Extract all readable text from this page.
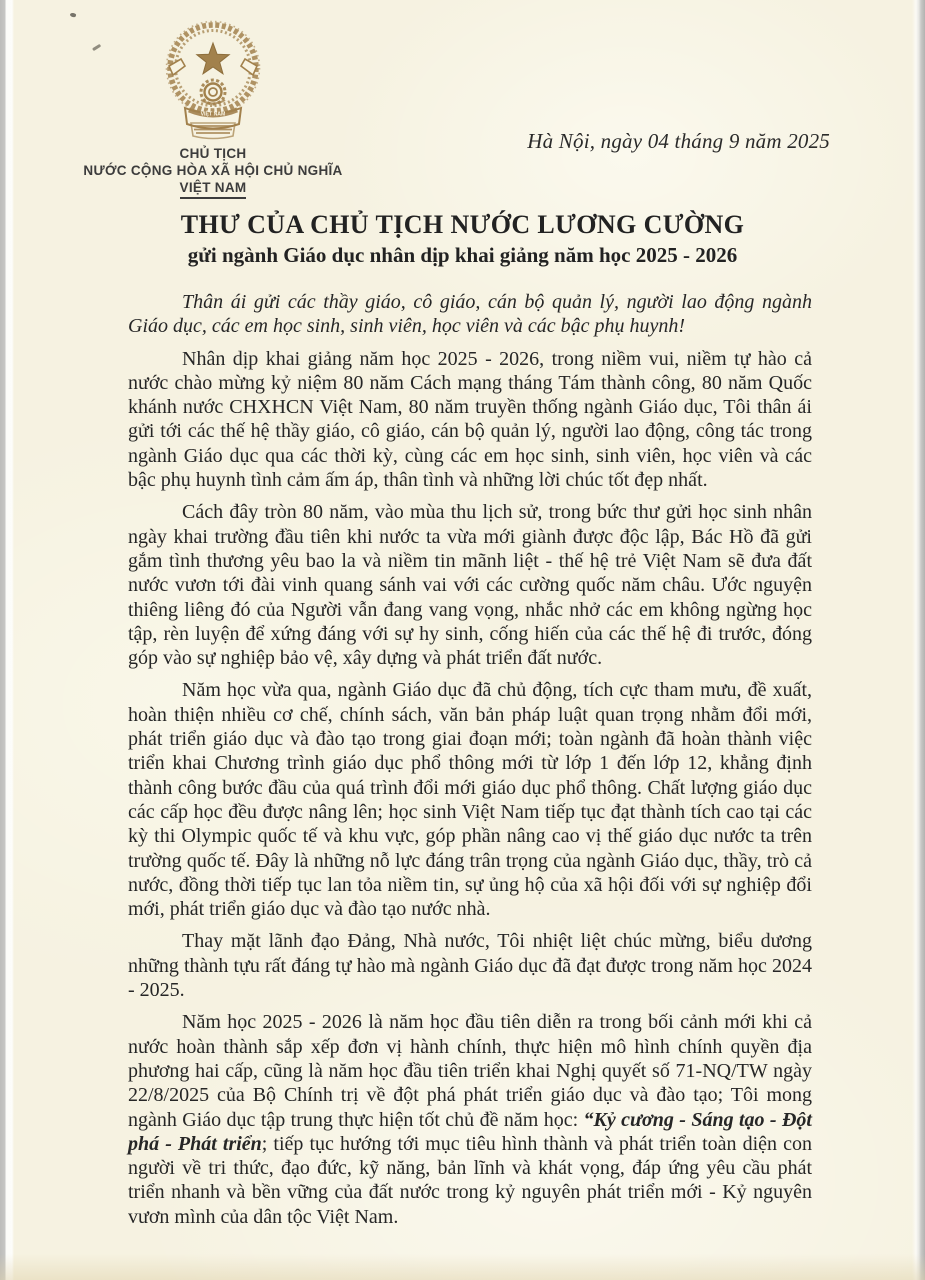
VIỆT NAM
CHỦ TỊCH
NƯỚC CỘNG HÒA XÃ HỘI CHỦ NGHĨA
VIỆT NAM
Hà Nội, ngày 04 tháng 9 năm 2025
THƯ CỦA CHỦ TỊCH NƯỚC LƯƠNG CƯỜNG
gửi ngành Giáo dục nhân dịp khai giảng năm học 2025 - 2026

Thân ái gửi các thầy giáo, cô giáo, cán bộ quản lý, người lao động ngành Giáo dục, các em học sinh, sinh viên, học viên và các bậc phụ huynh!

Nhân dịp khai giảng năm học 2025 - 2026, trong niềm vui, niềm tự hào cả nước chào mừng kỷ niệm 80 năm Cách mạng tháng Tám thành công, 80 năm Quốc khánh nước CHXHCN Việt Nam, 80 năm truyền thống ngành Giáo dục, Tôi thân ái gửi tới các thế hệ thầy giáo, cô giáo, cán bộ quản lý, người lao động, công tác trong ngành Giáo dục qua các thời kỳ, cùng các em học sinh, sinh viên, học viên và các bậc phụ huynh tình cảm ấm áp, thân tình và những lời chúc tốt đẹp nhất.

Cách đây tròn 80 năm, vào mùa thu lịch sử, trong bức thư gửi học sinh nhân ngày khai trường đầu tiên khi nước ta vừa mới giành được độc lập, Bác Hồ đã gửi gắm tình thương yêu bao la và niềm tin mãnh liệt - thế hệ trẻ Việt Nam sẽ đưa đất nước vươn tới đài vinh quang sánh vai với các cường quốc năm châu. Ước nguyện thiêng liêng đó của Người vẫn đang vang vọng, nhắc nhở các em không ngừng học tập, rèn luyện để xứng đáng với sự hy sinh, cống hiến của các thế hệ đi trước, đóng góp vào sự nghiệp bảo vệ, xây dựng và phát triển đất nước.

Năm học vừa qua, ngành Giáo dục đã chủ động, tích cực tham mưu, đề xuất, hoàn thiện nhiều cơ chế, chính sách, văn bản pháp luật quan trọng nhằm đổi mới, phát triển giáo dục và đào tạo trong giai đoạn mới; toàn ngành đã hoàn thành việc triển khai Chương trình giáo dục phổ thông mới từ lớp 1 đến lớp 12, khẳng định thành công bước đầu của quá trình đổi mới giáo dục phổ thông. Chất lượng giáo dục các cấp học đều được nâng lên; học sinh Việt Nam tiếp tục đạt thành tích cao tại các kỳ thi Olympic quốc tế và khu vực, góp phần nâng cao vị thế giáo dục nước ta trên trường quốc tế. Đây là những nỗ lực đáng trân trọng của ngành Giáo dục, thầy, trò cả nước, đồng thời tiếp tục lan tỏa niềm tin, sự ủng hộ của xã hội đối với sự nghiệp đổi mới, phát triển giáo dục và đào tạo nước nhà.

Thay mặt lãnh đạo Đảng, Nhà nước, Tôi nhiệt liệt chúc mừng, biểu dương những thành tựu rất đáng tự hào mà ngành Giáo dục đã đạt được trong năm học 2024 - 2025.

Năm học 2025 - 2026 là năm học đầu tiên diễn ra trong bối cảnh mới khi cả nước hoàn thành sắp xếp đơn vị hành chính, thực hiện mô hình chính quyền địa phương hai cấp, cũng là năm học đầu tiên triển khai Nghị quyết số 71-NQ/TW ngày 22/8/2025 của Bộ Chính trị về đột phá phát triển giáo dục và đào tạo; Tôi mong ngành Giáo dục tập trung thực hiện tốt chủ đề năm học: “Kỷ cương - Sáng tạo - Đột phá - Phát triển; tiếp tục hướng tới mục tiêu hình thành và phát triển toàn diện con người về tri thức, đạo đức, kỹ năng, bản lĩnh và khát vọng, đáp ứng yêu cầu phát triển nhanh và bền vững của đất nước trong kỷ nguyên phát triển mới - Kỷ nguyên vươn mình của dân tộc Việt Nam.
